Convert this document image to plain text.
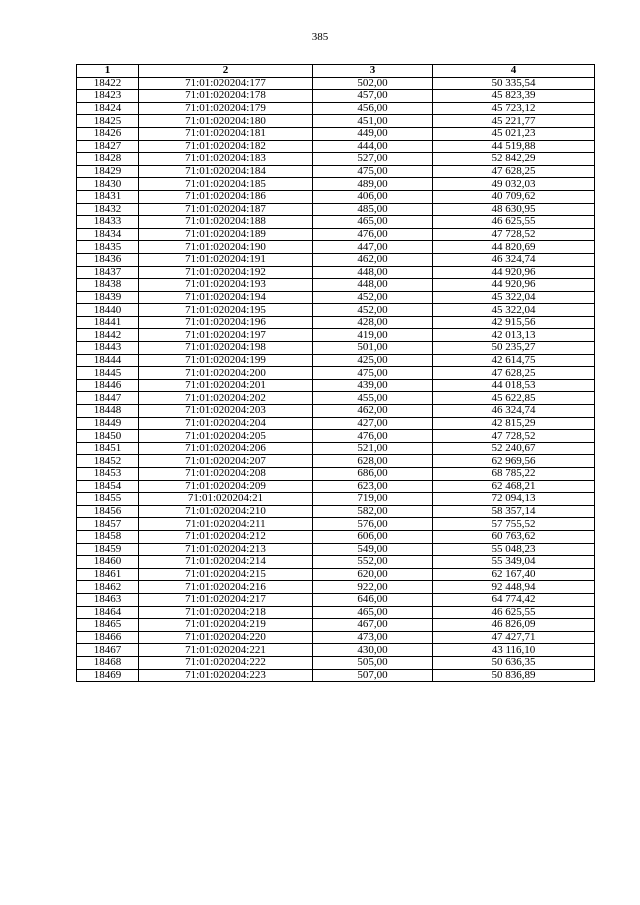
385
1	2	3	4
18422	71:01:020204:177	502,00	50 335,54
18423	71:01:020204:178	457,00	45 823,39
18424	71:01:020204:179	456,00	45 723,12
18425	71:01:020204:180	451,00	45 221,77
18426	71:01:020204:181	449,00	45 021,23
18427	71:01:020204:182	444,00	44 519,88
18428	71:01:020204:183	527,00	52 842,29
18429	71:01:020204:184	475,00	47 628,25
18430	71:01:020204:185	489,00	49 032,03
18431	71:01:020204:186	406,00	40 709,62
18432	71:01:020204:187	485,00	48 630,95
18433	71:01:020204:188	465,00	46 625,55
18434	71:01:020204:189	476,00	47 728,52
18435	71:01:020204:190	447,00	44 820,69
18436	71:01:020204:191	462,00	46 324,74
18437	71:01:020204:192	448,00	44 920,96
18438	71:01:020204:193	448,00	44 920,96
18439	71:01:020204:194	452,00	45 322,04
18440	71:01:020204:195	452,00	45 322,04
18441	71:01:020204:196	428,00	42 915,56
18442	71:01:020204:197	419,00	42 013,13
18443	71:01:020204:198	501,00	50 235,27
18444	71:01:020204:199	425,00	42 614,75
18445	71:01:020204:200	475,00	47 628,25
18446	71:01:020204:201	439,00	44 018,53
18447	71:01:020204:202	455,00	45 622,85
18448	71:01:020204:203	462,00	46 324,74
18449	71:01:020204:204	427,00	42 815,29
18450	71:01:020204:205	476,00	47 728,52
18451	71:01:020204:206	521,00	52 240,67
18452	71:01:020204:207	628,00	62 969,56
18453	71:01:020204:208	686,00	68 785,22
18454	71:01:020204:209	623,00	62 468,21
18455	71:01:020204:21	719,00	72 094,13
18456	71:01:020204:210	582,00	58 357,14
18457	71:01:020204:211	576,00	57 755,52
18458	71:01:020204:212	606,00	60 763,62
18459	71:01:020204:213	549,00	55 048,23
18460	71:01:020204:214	552,00	55 349,04
18461	71:01:020204:215	620,00	62 167,40
18462	71:01:020204:216	922,00	92 448,94
18463	71:01:020204:217	646,00	64 774,42
18464	71:01:020204:218	465,00	46 625,55
18465	71:01:020204:219	467,00	46 826,09
18466	71:01:020204:220	473,00	47 427,71
18467	71:01:020204:221	430,00	43 116,10
18468	71:01:020204:222	505,00	50 636,35
18469	71:01:020204:223	507,00	50 836,89
